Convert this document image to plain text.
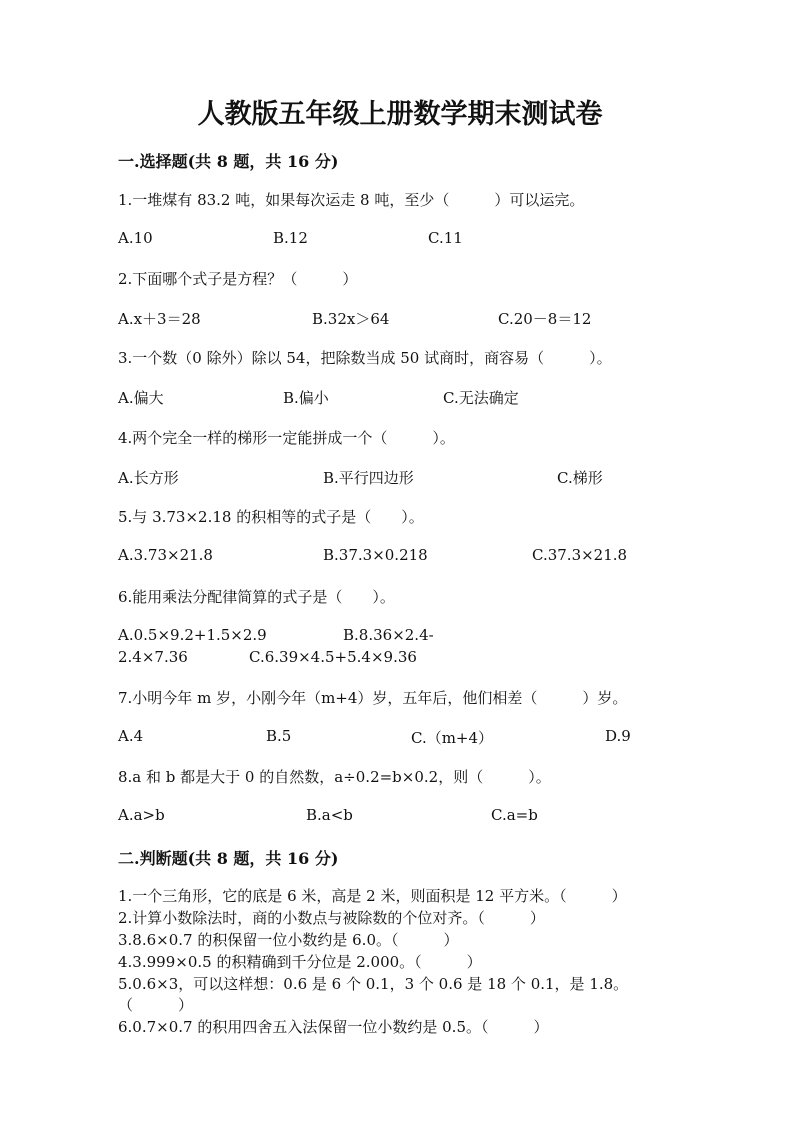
人教版五年级上册数学期末测试卷
一.选择题(共 8 题，共 16 分)
1.一堆煤有 83.2 吨，如果每次运走 8 吨，至少（　　　）可以运完。
A.10	B.12	C.11
2.下面哪个式子是方程？（　　　）
A.x＋3＝28	B.32x＞64	C.20－8＝12
3.一个数（0 除外）除以 54，把除数当成 50 试商时，商容易（　　　）。
A.偏大	B.偏小	C.无法确定
4.两个完全一样的梯形一定能拼成一个（　　　）。
A.长方形	B.平行四边形	C.梯形
5.与 3.73×2.18 的积相等的式子是（　　）。
A.3.73×21.8	B.37.3×0.218	C.37.3×21.8
6.能用乘法分配律简算的式子是（　　）。
A.0.5×9.2+1.5×2.9	B.8.36×2.4-
2.4×7.36	C.6.39×4.5+5.4×9.36
7.小明今年 m 岁，小刚今年（m+4）岁，五年后，他们相差（　　　）岁。
A.4	B.5	C.（m+4）	D.9
8.a 和 b 都是大于 0 的自然数，a÷0.2=b×0.2，则（　　　）。
A.a>b	B.a<b	C.a=b
二.判断题(共 8 题，共 16 分)
1.一个三角形，它的底是 6 米，高是 2 米，则面积是 12 平方米。（　　　）
2.计算小数除法时，商的小数点与被除数的个位对齐。（　　　）
3.8.6×0.7 的积保留一位小数约是 6.0。（　　　）
4.3.999×0.5 的积精确到千分位是 2.000。（　　　）
5.0.6×3，可以这样想：0.6 是 6 个 0.1，3 个 0.6 是 18 个 0.1，是 1.8。
（　　　）
6.0.7×0.7 的积用四舍五入法保留一位小数约是 0.5。（　　　）
